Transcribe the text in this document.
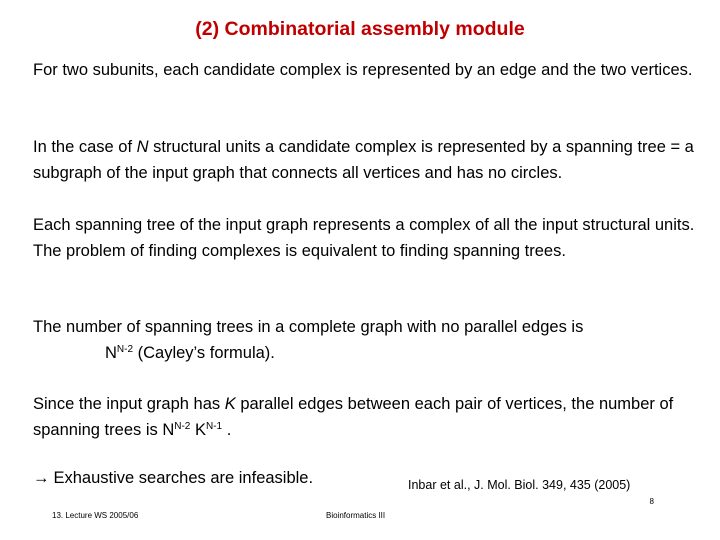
(2) Combinatorial assembly module
For two subunits, each candidate complex is represented by an edge and the two vertices.
In the case of N structural units a candidate complex is represented by a spanning tree = a subgraph of the input graph that connects all vertices and has no circles.
Each spanning tree of the input graph represents a complex of all the input structural units.
The problem of finding complexes is equivalent to finding spanning trees.
The number of spanning trees in a complete graph with no parallel edges is
$N^{N-2}$ (Cayley’s formula).
Since the input graph has K parallel edges between each pair of vertices, the number of spanning trees is $N^{N-2}$ $K^{N-1}$ .
→ Exhaustive searches are infeasible.	Inbar et al., J. Mol. Biol. 349, 435 (2005)
8
13. Lecture WS 2005/06	Bioinformatics III
